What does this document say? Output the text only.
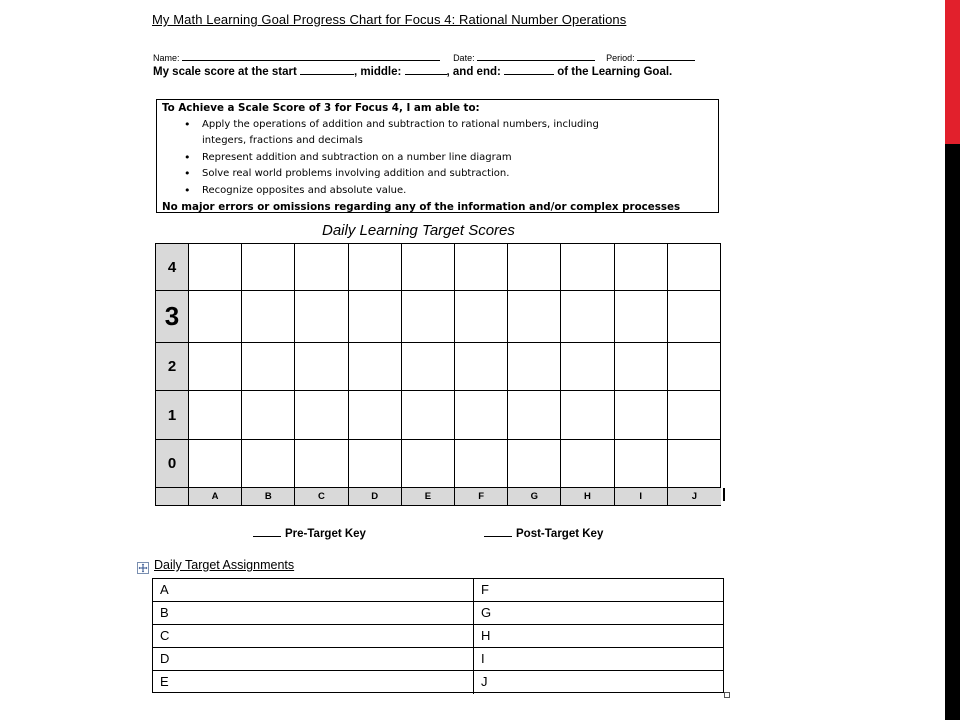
My Math Learning Goal Progress Chart for Focus 4: Rational Number Operations
Name:	Date:	Period:
My scale score at the start	, middle:	, and end:	of the Learning Goal.
To Achieve a Scale Score of 3 for Focus 4, I am able to:
• Apply the operations of addition and subtraction to rational numbers, including
integers, fractions and decimals
• Represent addition and subtraction on a number line diagram
• Solve real world problems involving addition and subtraction.
• Recognize opposites and absolute value.
No major errors or omissions regarding any of the information and/or complex processes
Daily Learning Target Scores
4
3
2
1
0
A	B	C	D	E	F	G	H	I	J
Pre-Target Key	Post-Target Key
Daily Target Assignments
A	F
B	G
C	H
D	I
E	J
